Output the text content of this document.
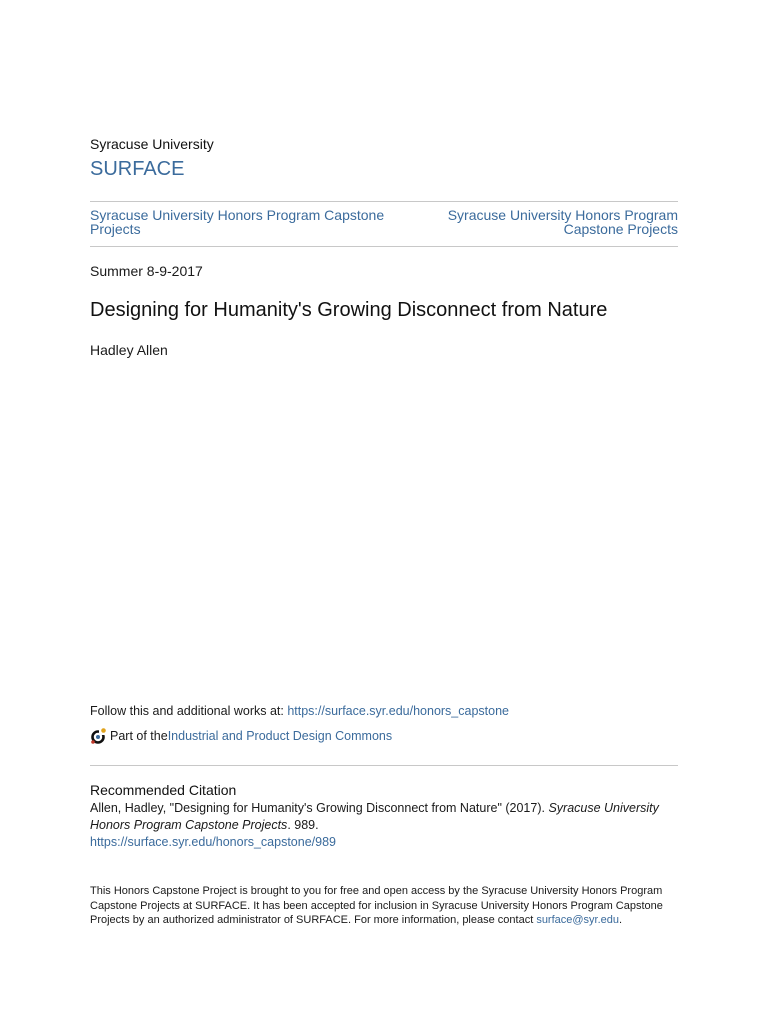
Syracuse University
SURFACE
Syracuse University Honors Program Capstone Projects
Syracuse University Honors Program Capstone Projects
Summer 8-9-2017
Designing for Humanity's Growing Disconnect from Nature
Hadley Allen
Follow this and additional works at: https://surface.syr.edu/honors_capstone
Part of the Industrial and Product Design Commons
Recommended Citation
Allen, Hadley, "Designing for Humanity's Growing Disconnect from Nature" (2017). Syracuse University Honors Program Capstone Projects. 989.
https://surface.syr.edu/honors_capstone/989
This Honors Capstone Project is brought to you for free and open access by the Syracuse University Honors Program Capstone Projects at SURFACE. It has been accepted for inclusion in Syracuse University Honors Program Capstone Projects by an authorized administrator of SURFACE. For more information, please contact surface@syr.edu.
